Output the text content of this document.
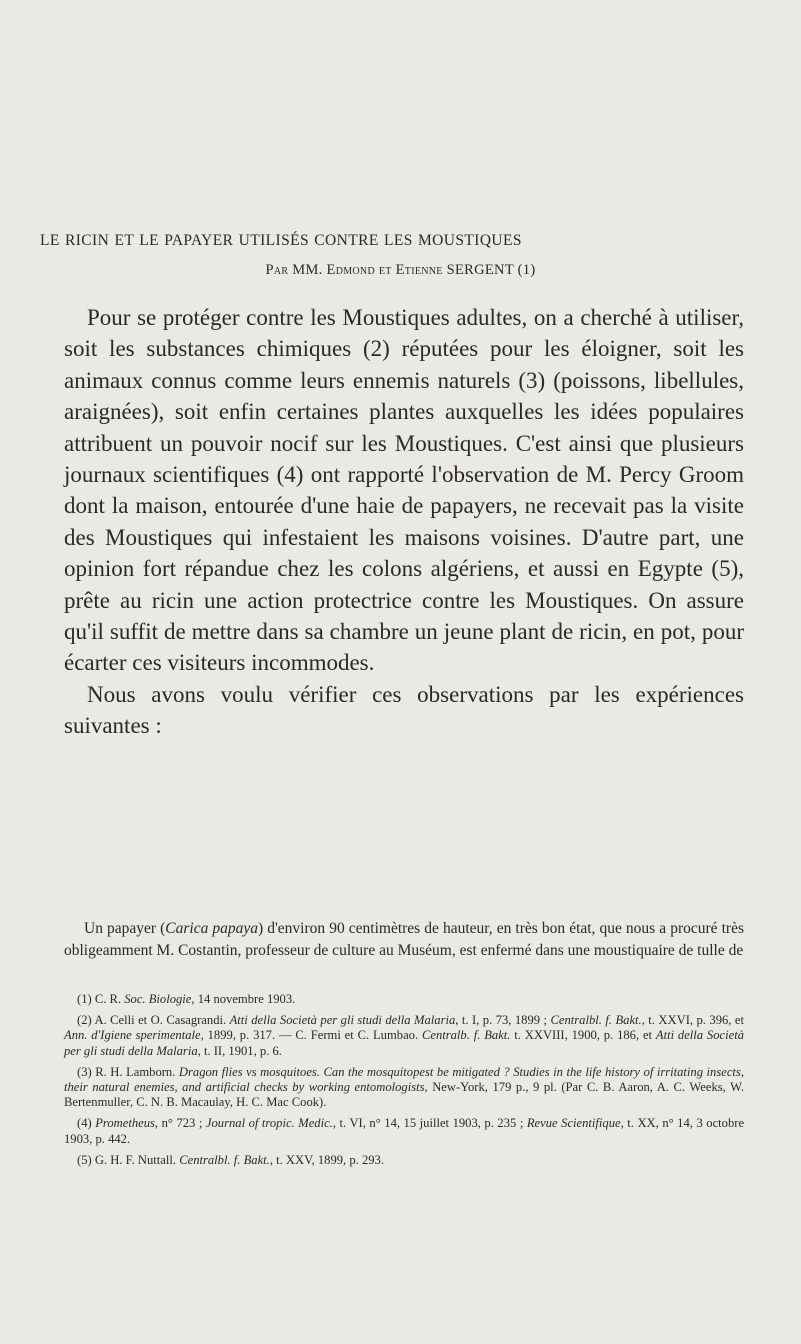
LE RICIN ET LE PAPAYER UTILISÉS CONTRE LES MOUSTIQUES
Par MM. Edmond et Etienne SERGENT (1)

Pour se protéger contre les Moustiques adultes, on a cherché à utiliser, soit les substances chimiques (2) réputées pour les éloigner, soit les animaux connus comme leurs ennemis naturels (3) (poissons, libellules, araignées), soit enfin certaines plantes auxquelles les idées populaires attribuent un pouvoir nocif sur les Moustiques. C'est ainsi que plusieurs journaux scientifiques (4) ont rapporté l'observation de M. Percy Groom dont la maison, entourée d'une haie de papayers, ne recevait pas la visite des Moustiques qui infestaient les maisons voisines. D'autre part, une opinion fort répandue chez les colons algériens, et aussi en Egypte (5), prête au ricin une action protectrice contre les Moustiques. On assure qu'il suffit de mettre dans sa chambre un jeune plant de ricin, en pot, pour écarter ces visiteurs incommodes.

Nous avons voulu vérifier ces observations par les expériences suivantes :

Un papayer (Carica papaya) d'environ 90 centimètres de hauteur, en très bon état, que nous a procuré très obligeamment M. Costantin, professeur de culture au Muséum, est enfermé dans une moustiquaire de tulle de

(1) C. R. Soc. Biologie, 14 novembre 1903.

(2) A. Celli et O. Casagrandi. Atti della Società per gli studi della Malaria, t. I, p. 73, 1899 ; Centralbl. f. Bakt., t. XXVI, p. 396, et Ann. d'Igiene sperimentale, 1899, p. 317. — C. Fermi et C. Lumbao. Centralb. f. Bakt. t. XXVIII, 1900, p. 186, et Atti della Società per gli studi della Malaria, t. II, 1901, p. 6.

(3) R. H. Lamborn. Dragon flies vs mosquitoes. Can the mosquitopest be mitigated ? Studies in the life history of irritating insects, their natural enemies, and artificial checks by working entomologists, New-York, 179 p., 9 pl. (Par C. B. Aaron, A. C. Weeks, W. Bertenmuller, C. N. B. Macaulay, H. C. Mac Cook).

(4) Prometheus, n° 723 ; Journal of tropic. Medic., t. VI, n° 14, 15 juillet 1903, p. 235 ; Revue Scientifique, t. XX, n° 14, 3 octobre 1903, p. 442.

(5) G. H. F. Nuttall. Centralbl. f. Bakt., t. XXV, 1899, p. 293.
